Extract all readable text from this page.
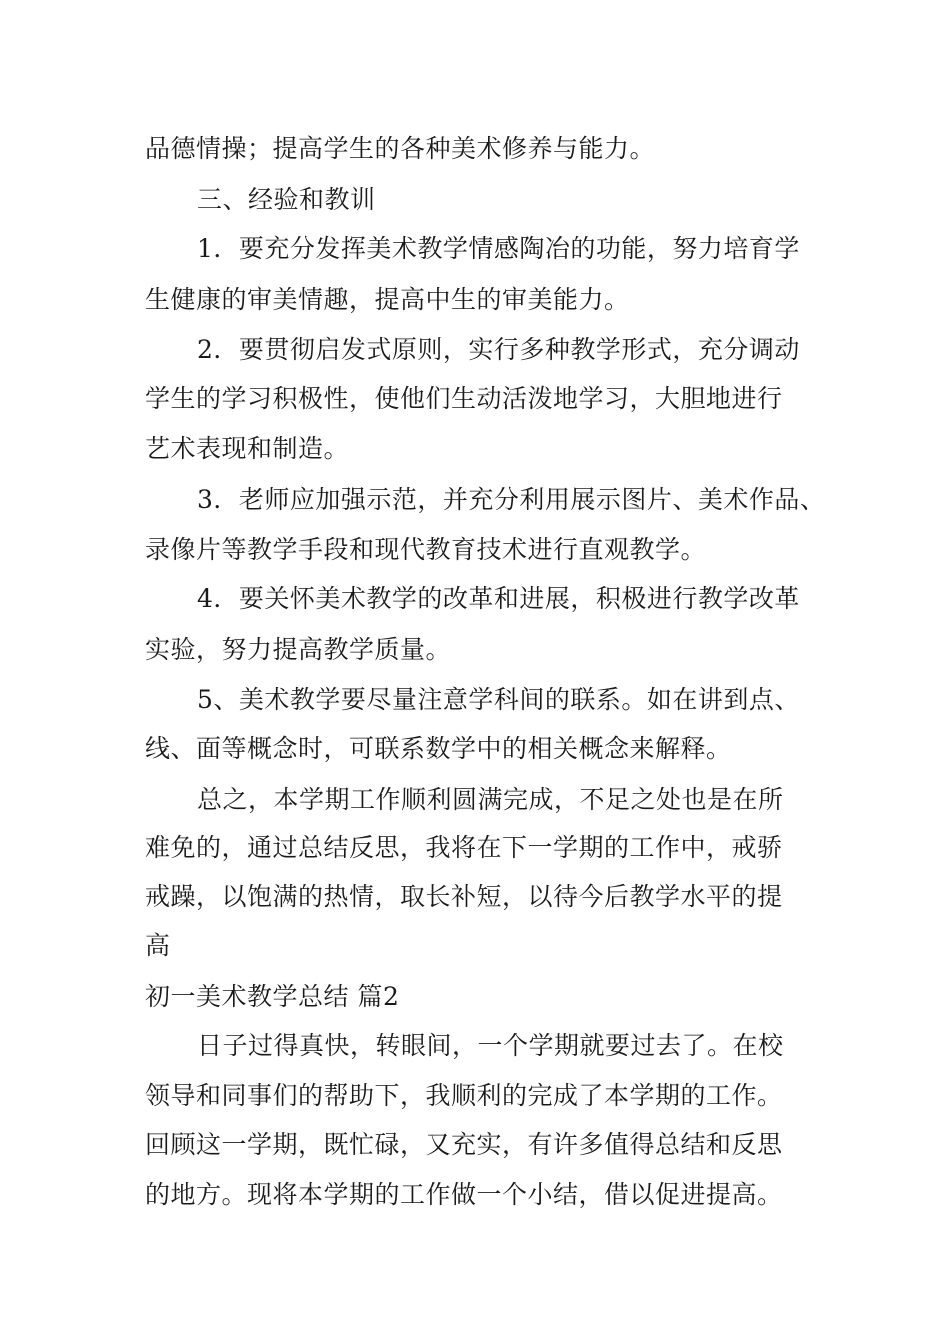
品德情操；提高学生的各种美术修养与能力。
三、经验和教训
1．要充分发挥美术教学情感陶冶的功能，努力培育学
生健康的审美情趣，提高中生的审美能力。
2．要贯彻启发式原则，实行多种教学形式，充分调动
学生的学习积极性，使他们生动活泼地学习，大胆地进行
艺术表现和制造。
3．老师应加强示范，并充分利用展示图片、美术作品、
录像片等教学手段和现代教育技术进行直观教学。
4．要关怀美术教学的改革和进展，积极进行教学改革
实验，努力提高教学质量。
5、美术教学要尽量注意学科间的联系。如在讲到点、
线、面等概念时，可联系数学中的相关概念来解释。
总之，本学期工作顺利圆满完成，不足之处也是在所
难免的，通过总结反思，我将在下一学期的工作中，戒骄
戒躁，以饱满的热情，取长补短，以待今后教学水平的提
高
初一美术教学总结 篇2
日子过得真快，转眼间，一个学期就要过去了。在校
领导和同事们的帮助下，我顺利的完成了本学期的工作。
回顾这一学期，既忙碌，又充实，有许多值得总结和反思
的地方。现将本学期的工作做一个小结，借以促进提高。
